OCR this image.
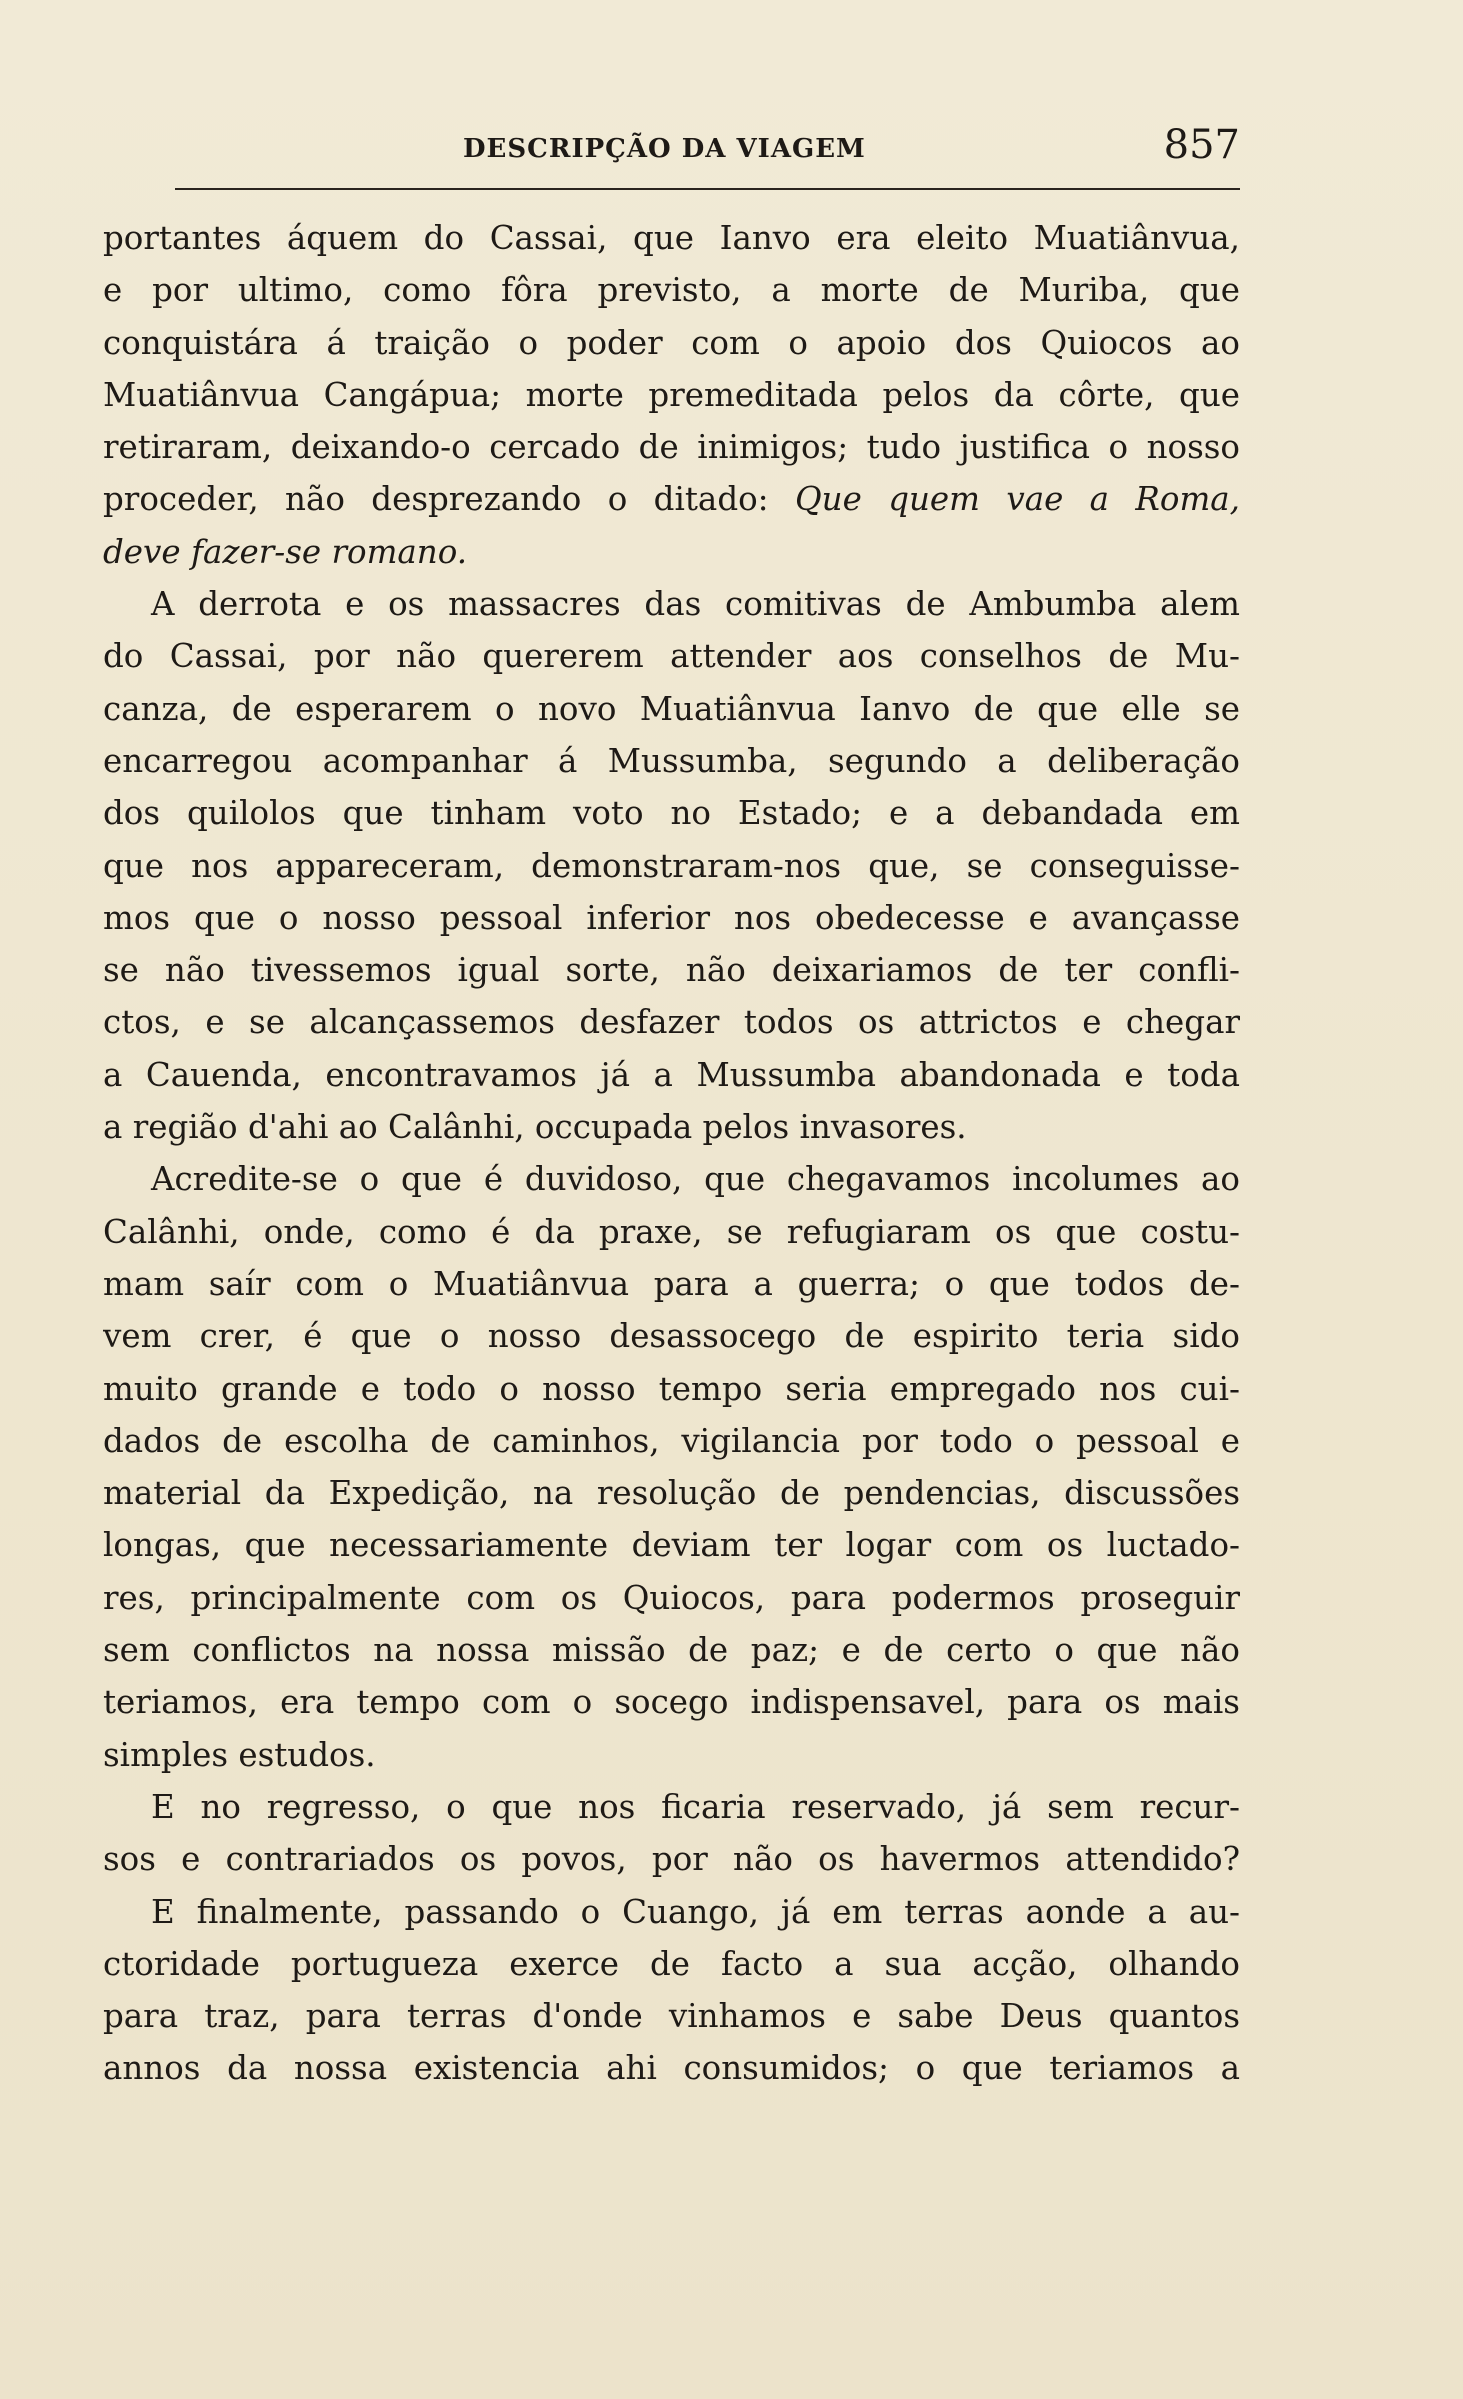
DESCRIPÇÃO DA VIAGEM	857
portantes áquem do Cassai, que Ianvo era eleito Muatiânvua,
e por ultimo, como fôra previsto, a morte de Muriba, que
conquistára á traição o poder com o apoio dos Quiocos ao
Muatiânvua Cangápua; morte premeditada pelos da côrte, que
retiraram, deixando-o cercado de inimigos; tudo justifica o nosso
proceder, não desprezando o ditado: Que quem vae a Roma,
deve fazer-se romano.
A derrota e os massacres das comitivas de Ambumba alem
do Cassai, por não quererem attender aos conselhos de Mu-
canza, de esperarem o novo Muatiânvua Ianvo de que elle se
encarregou acompanhar á Mussumba, segundo a deliberação
dos quilolos que tinham voto no Estado; e a debandada em
que nos appareceram, demonstraram-nos que, se conseguisse-
mos que o nosso pessoal inferior nos obedecesse e avançasse
se não tivessemos igual sorte, não deixariamos de ter confli-
ctos, e se alcançassemos desfazer todos os attrictos e chegar
a Cauenda, encontravamos já a Mussumba abandonada e toda
a região d'ahi ao Calânhi, occupada pelos invasores.
Acredite-se o que é duvidoso, que chegavamos incolumes ao
Calânhi, onde, como é da praxe, se refugiaram os que costu-
mam saír com o Muatiânvua para a guerra; o que todos de-
vem crer, é que o nosso desassocego de espirito teria sido
muito grande e todo o nosso tempo seria empregado nos cui-
dados de escolha de caminhos, vigilancia por todo o pessoal e
material da Expedição, na resolução de pendencias, discussões
longas, que necessariamente deviam ter logar com os luctado-
res, principalmente com os Quiocos, para podermos proseguir
sem conflictos na nossa missão de paz; e de certo o que não
teriamos, era tempo com o socego indispensavel, para os mais
simples estudos.
E no regresso, o que nos ficaria reservado, já sem recur-
sos e contrariados os povos, por não os havermos attendido?
E finalmente, passando o Cuango, já em terras aonde a au-
ctoridade portugueza exerce de facto a sua acção, olhando
para traz, para terras d'onde vinhamos e sabe Deus quantos
annos da nossa existencia ahi consumidos; o que teriamos a
